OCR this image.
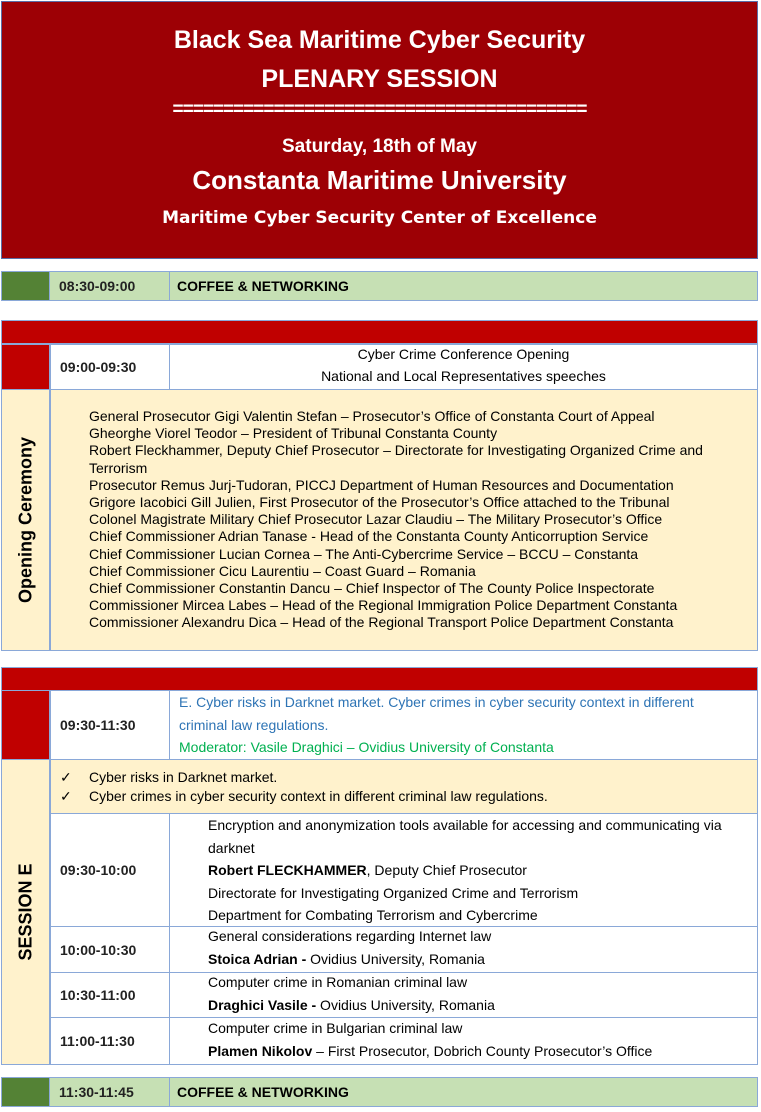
Black Sea Maritime Cyber Security
PLENARY SESSION
=========================================
Saturday, 18th of May
Constanta Maritime University
Maritime Cyber Security Center of Excellence
08:30-09:00	COFFEE & NETWORKING
09:00-09:30
Cyber Crime Conference Opening
National and Local Representatives speeches
Opening Ceremony
General Prosecutor Gigi Valentin Stefan – Prosecutor’s Office of Constanta Court of Appeal
Gheorghe Viorel Teodor – President of Tribunal Constanta County
Robert Fleckhammer, Deputy Chief Prosecutor – Directorate for Investigating Organized Crime and Terrorism
Prosecutor Remus Jurj-Tudoran, PICCJ Department of Human Resources and Documentation
Grigore Iacobici Gill Julien, First Prosecutor of the Prosecutor’s Office attached to the Tribunal
Colonel Magistrate Military Chief Prosecutor Lazar Claudiu – The Military Prosecutor’s Office
Chief Commissioner Adrian Tanase - Head of the Constanta County Anticorruption Service
Chief Commissioner Lucian Cornea – The Anti-Cybercrime Service – BCCU – Constanta
Chief Commissioner Cicu Laurentiu – Coast Guard – Romania
Chief Commissioner Constantin Dancu – Chief Inspector of The County Police Inspectorate
Commissioner Mircea Labes – Head of the Regional Immigration Police Department Constanta
Commissioner Alexandru Dica – Head of the Regional Transport Police Department Constanta
09:30-11:30
E. Cyber risks in Darknet market. Cyber crimes in cyber security context in different criminal law regulations.
Moderator: Vasile Draghici – Ovidius University of Constanta
SESSION E
✓ Cyber risks in Darknet market.
✓ Cyber crimes in cyber security context in different criminal law regulations.
09:30-10:00
Encryption and anonymization tools available for accessing and communicating via darknet
Robert FLECKHAMMER, Deputy Chief Prosecutor
Directorate for Investigating Organized Crime and Terrorism
Department for Combating Terrorism and Cybercrime
10:00-10:30
General considerations regarding Internet law
Stoica Adrian - Ovidius University, Romania
10:30-11:00
Computer crime in Romanian criminal law
Draghici Vasile - Ovidius University, Romania
11:00-11:30
Computer crime in Bulgarian criminal law
Plamen Nikolov – First Prosecutor, Dobrich County Prosecutor’s Office
11:30-11:45	COFFEE & NETWORKING
